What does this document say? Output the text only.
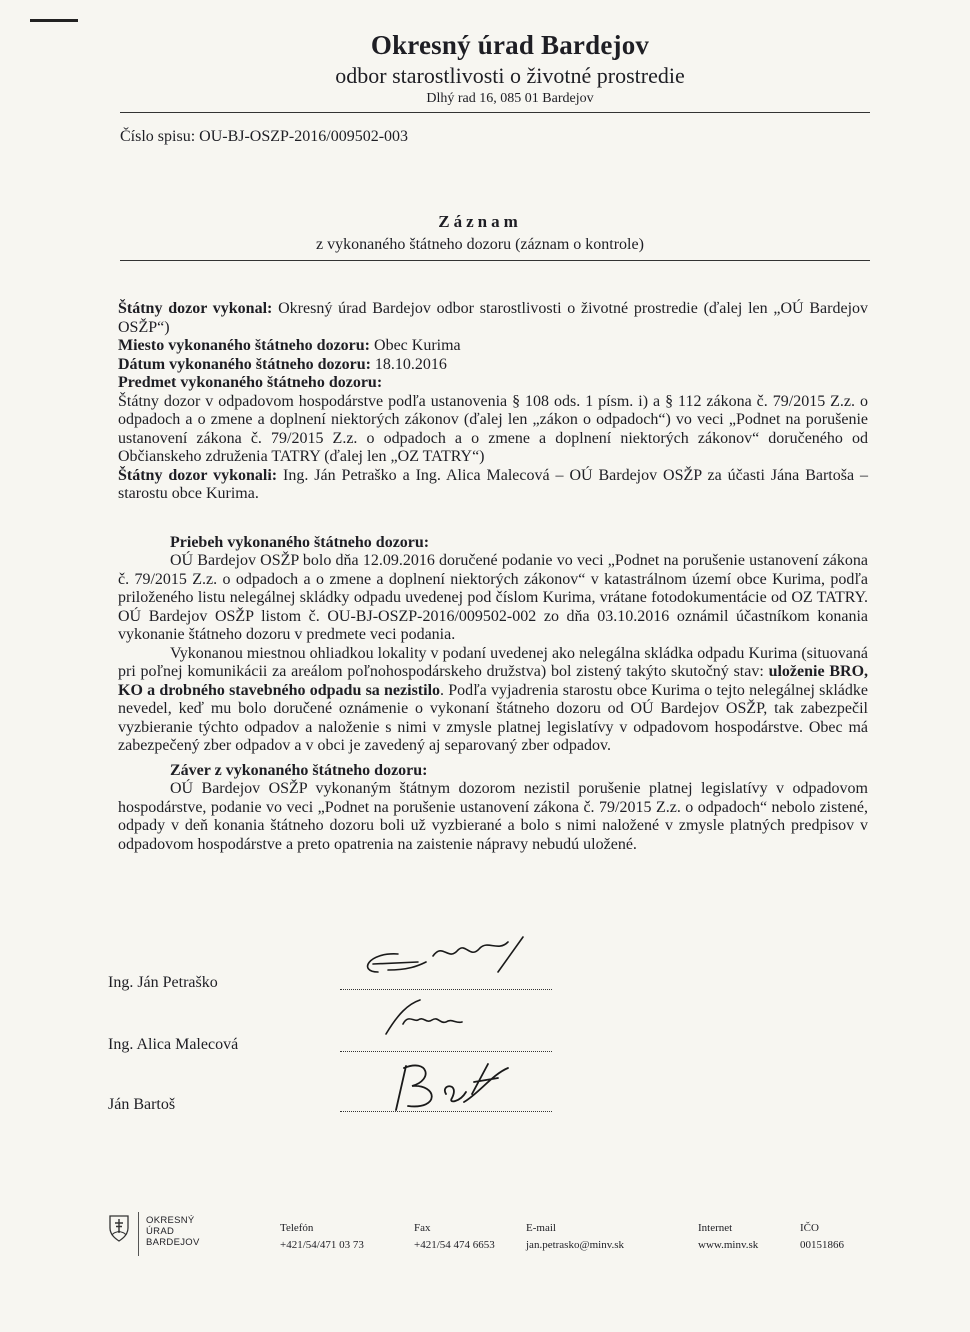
Okresný úrad Bardejov
odbor starostlivosti o životné prostredie
Dlhý rad 16, 085 01 Bardejov
Číslo spisu: OU-BJ-OSZP-2016/009502-003
Záznam
z vykonaného štátneho dozoru (záznam o kontrole)

Štátny dozor vykonal: Okresný úrad Bardejov odbor starostlivosti o životné prostredie (ďalej len „OÚ Bardejov OSŽP“)

Miesto vykonaného štátneho dozoru: Obec Kurima

Dátum vykonaného štátneho dozoru: 18.10.2016

Predmet vykonaného štátneho dozoru:
Štátny dozor v odpadovom hospodárstve podľa ustanovenia § 108 ods. 1 písm. i) a § 112 zákona č. 79/2015 Z.z. o odpadoch a o zmene a doplnení niektorých zákonov (ďalej len „zákon o odpadoch“) vo veci „Podnet na porušenie ustanovení zákona č. 79/2015 Z.z. o odpadoch a o zmene a doplnení niektorých zákonov“ doručeného od Občianskeho združenia TATRY (ďalej len „OZ TATRY“)

Štátny dozor vykonali: Ing. Ján Petraško a Ing. Alica Malecová – OÚ Bardejov OSŽP za účasti Jána Bartoša – starostu obce Kurima.

Priebeh vykonaného štátneho dozoru:

OÚ Bardejov OSŽP bolo dňa 12.09.2016 doručené podanie vo veci „Podnet na porušenie ustanovení zákona č. 79/2015 Z.z. o odpadoch a o zmene a doplnení niektorých zákonov“ v katastrálnom území obce Kurima, podľa priloženého listu nelegálnej skládky odpadu uvedenej pod číslom Kurima, vrátane fotodokumentácie od OZ TATRY. OÚ Bardejov OSŽP listom č. OU-BJ-OSZP-2016/009502-002 zo dňa 03.10.2016 oznámil účastníkom konania vykonanie štátneho dozoru v predmete veci podania.

Vykonanou miestnou ohliadkou lokality v podaní uvedenej ako nelegálna skládka odpadu Kurima (situovaná pri poľnej komunikácii za areálom poľnohospodárskeho družstva) bol zistený takýto skutočný stav: uloženie BRO, KO a drobného stavebného odpadu sa nezistilo. Podľa vyjadrenia starostu obce Kurima o tejto nelegálnej skládke nevedel, keď mu bolo doručené oznámenie o vykonaní štátneho dozoru od OÚ Bardejov OSŽP, tak zabezpečil vyzbieranie týchto odpadov a naloženie s nimi v zmysle platnej legislatívy v odpadovom hospodárstve. Obec má zabezpečený zber odpadov a v obci je zavedený aj separovaný zber odpadov.

Záver z vykonaného štátneho dozoru:

OÚ Bardejov OSŽP vykonaným štátnym dozorom nezistil porušenie platnej legislatívy v odpadovom hospodárstve, podanie vo veci „Podnet na porušenie ustanovení zákona č. 79/2015 Z.z. o odpadoch“ nebolo zistené, odpady v deň konania štátneho dozoru boli už vyzbierané a bolo s nimi naložené v zmysle platných predpisov v odpadovom hospodárstve a preto opatrenia na zaistenie nápravy nebudú uložené.

Ing. Ján Petraško
Ing. Alica Malecová
Ján Bartoš
OKRESNÝ
ÚRAD
BARDEJOV
Telefón
+421/54/471 03 73
Fax
+421/54 474 6653
E-mail
jan.petrasko@minv.sk
Internet
www.minv.sk
IČO
00151866
